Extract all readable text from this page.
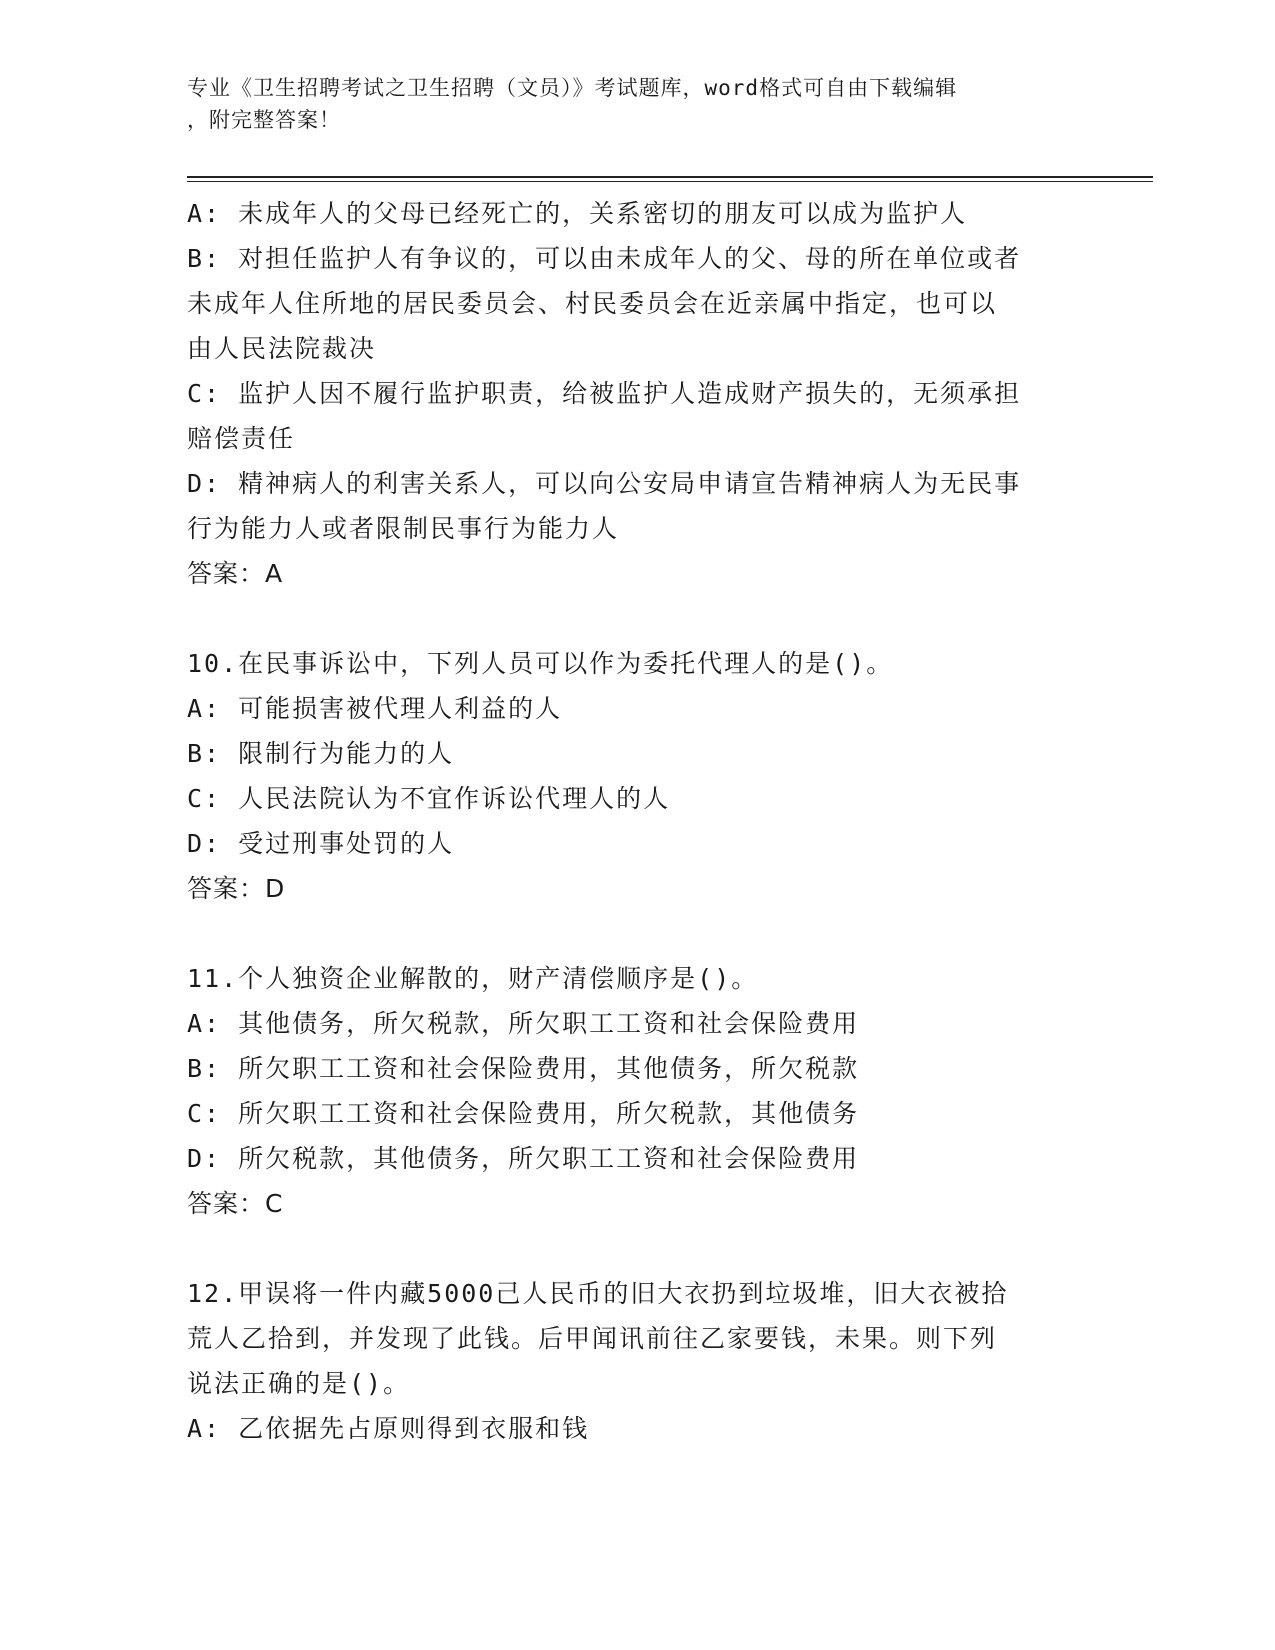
专业《卫生招聘考试之卫生招聘（文员）》考试题库，word格式可自由下载编辑

，附完整答案！

A: 未成年人的父母已经死亡的，关系密切的朋友可以成为监护人

B: 对担任监护人有争议的，可以由未成年人的父、母的所在单位或者

未成年人住所地的居民委员会、村民委员会在近亲属中指定，也可以

由人民法院裁决

C: 监护人因不履行监护职责，给被监护人造成财产损失的，无须承担

赔偿责任

D: 精神病人的利害关系人，可以向公安局申请宣告精神病人为无民事

行为能力人或者限制民事行为能力人

答案：A

10.在民事诉讼中，下列人员可以作为委托代理人的是()。

A: 可能损害被代理人利益的人

B: 限制行为能力的人

C: 人民法院认为不宜作诉讼代理人的人

D: 受过刑事处罚的人

答案：D

11.个人独资企业解散的，财产清偿顺序是()。

A: 其他债务，所欠税款，所欠职工工资和社会保险费用

B: 所欠职工工资和社会保险费用，其他债务，所欠税款

C: 所欠职工工资和社会保险费用，所欠税款，其他债务

D: 所欠税款，其他债务，所欠职工工资和社会保险费用

答案：C

12.甲误将一件内藏5000己人民币的旧大衣扔到垃圾堆，旧大衣被拾

荒人乙拾到，并发现了此钱。后甲闻讯前往乙家要钱，未果。则下列

说法正确的是()。

A: 乙依据先占原则得到衣服和钱
